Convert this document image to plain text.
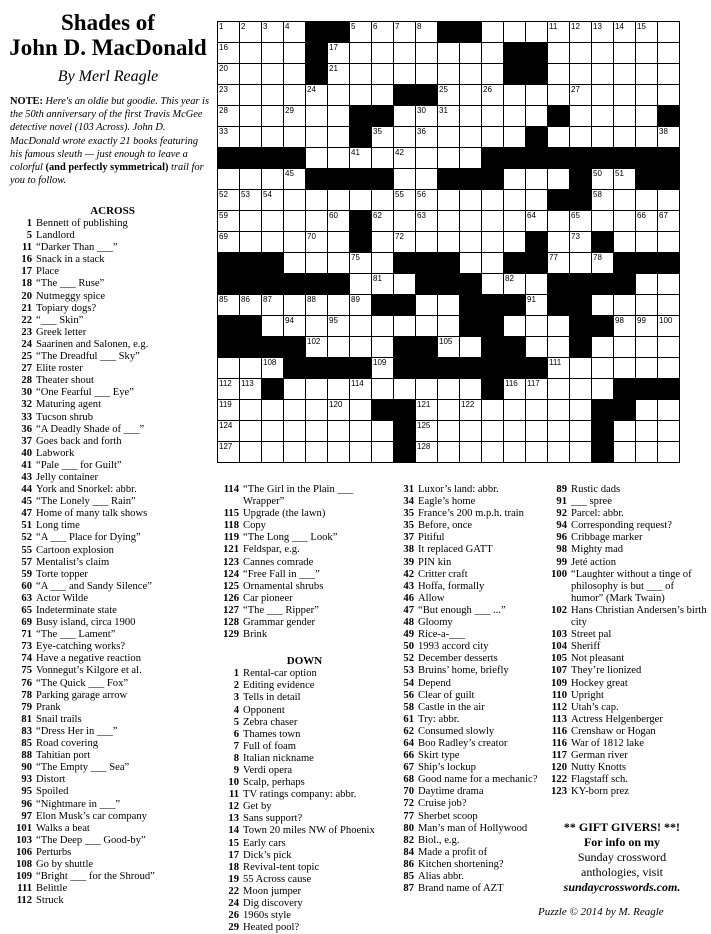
Shades of
John D. MacDonald
By Merl Reagle
NOTE: Here's an oldie but goodie. This year is the 50th anniversary of the first Travis McGee detective novel (103 Across). John D. MacDonald wrote exactly 21 books featuring his famous sleuth — just enough to leave a colorful (and perfectly symmetrical) trail for you to follow.
1 2 3 4	5 6 7 8	11 12 13 14 15
16	17
20	21
23	24	25	26	27
28	29	30 31
33	35	36	38
41	42
45	50 51
52 53 54	55 56	58
59	60	62	63	64	65	66 67
69	70	72	73
75	77	78
81	82
85 86 87	88	89	91
94	95	98 99 100
102	105
108	109	111
112 113	114	116 117
119	120	121	122
124	125
127	128
ACROSS
1 Bennett of publishing
5 Landlord
11 “Darker Than ___”
16 Snack in a stack
17 Place
18 “The ___ Ruse”
20 Nutmeggy spice
21 Topiary dogs?
22 “___ Skin”
23 Greek letter
24 Saarinen and Salonen, e.g.
25 “The Dreadful ___ Sky”
27 Elite roster
28 Theater shout
30 “One Fearful ___ Eye”
32 Maturing agent
33 Tucson shrub
36 “A Deadly Shade of ___”
37 Goes back and forth
40 Labwork
41 “Pale ___ for Guilt”
43 Jelly container
44 York and Snorkel: abbr.
45 “The Lonely ___ Rain”
47 Home of many talk shows
51 Long time
52 “A ___ Place for Dying”
55 Cartoon explosion
57 Mentalist’s claim
59 Torte topper
60 “A ___ and Sandy Silence”
63 Actor Wilde
65 Indeterminate state
69 Busy island, circa 1900
71 “The ___ Lament”
73 Eye-catching works?
74 Have a negative reaction
75 Vonnegut’s Kilgore et al.
76 “The Quick ___ Fox”
78 Parking garage arrow
79 Prank
81 Snail trails
83 “Dress Her in ___”
85 Road covering
88 Tahitian port
90 “The Empty ___ Sea”
93 Distort
95 Spoiled
96 “Nightmare in ___”
97 Elon Musk’s car company
101 Walks a beat
103 “The Deep ___ Good-by”
106 Perturbs
108 Go by shuttle
109 “Bright ___ for the Shroud”
111 Belittle
112 Struck
114 “The Girl in the Plain ___ Wrapper”
115 Upgrade (the lawn)
118 Copy
119 “The Long ___ Look”
121 Feldspar, e.g.
123 Cannes comrade
124 “Free Fall in ___”
125 Ornamental shrubs
126 Car pioneer
127 “The ___ Ripper”
128 Grammar gender
129 Brink
DOWN
1 Rental-car option
2 Editing evidence
3 Tells in detail
4 Opponent
5 Zebra chaser
6 Thames town
7 Full of foam
8 Italian nickname
9 Verdi opera
10 Scalp, perhaps
11 TV ratings company: abbr.
12 Get by
13 Sans support?
14 Town 20 miles NW of Phoenix
15 Early cars
17 Dick’s pick
18 Revival-tent topic
19 55 Across cause
22 Moon jumper
24 Dig discovery
26 1960s style
29 Heated pool?
31 Luxor’s land: abbr.
34 Eagle’s home
35 France’s 200 m.p.h. train
35 Before, once
37 Pitiful
38 It replaced GATT
39 PIN kin
42 Critter craft
43 Hoffa, formally
46 Allow
47 “But enough ___ ...”
48 Gloomy
49 Rice-a-___
50 1993 accord city
52 December desserts
53 Bruins’ home, briefly
54 Depend
56 Clear of guilt
58 Castle in the air
61 Try: abbr.
62 Consumed slowly
64 Boo Radley’s creator
66 Skirt type
67 Ship’s lockup
68 Good name for a mechanic?
70 Daytime drama
72 Cruise job?
77 Sherbet scoop
80 Man’s man of Hollywood
82 Biol., e.g.
84 Made a profit of
86 Kitchen shortening?
85 Alias abbr.
87 Brand name of AZT
89 Rustic dads
91 ___ spree
92 Parcel: abbr.
94 Corresponding request?
96 Cribbage marker
98 Mighty mad
99 Jeté action
100 “Laughter without a tinge of philosophy is but ___ of humor” (Mark Twain)
102 Hans Christian Andersen’s birth city
103 Street pal
104 Sheriff
105 Not pleasant
107 They’re lionized
109 Hockey great
110 Upright
112 Utah’s cap.
113 Actress Helgenberger
116 Crenshaw or Hogan
116 War of 1812 lake
117 German river
120 Nutty Knotts
122 Flagstaff sch.
123 KY-born prez
** GIFT GIVERS! **!
For info on my
Sunday crossword
anthologies, visit
sundaycrosswords.com.
Puzzle © 2014 by M. Reagle
